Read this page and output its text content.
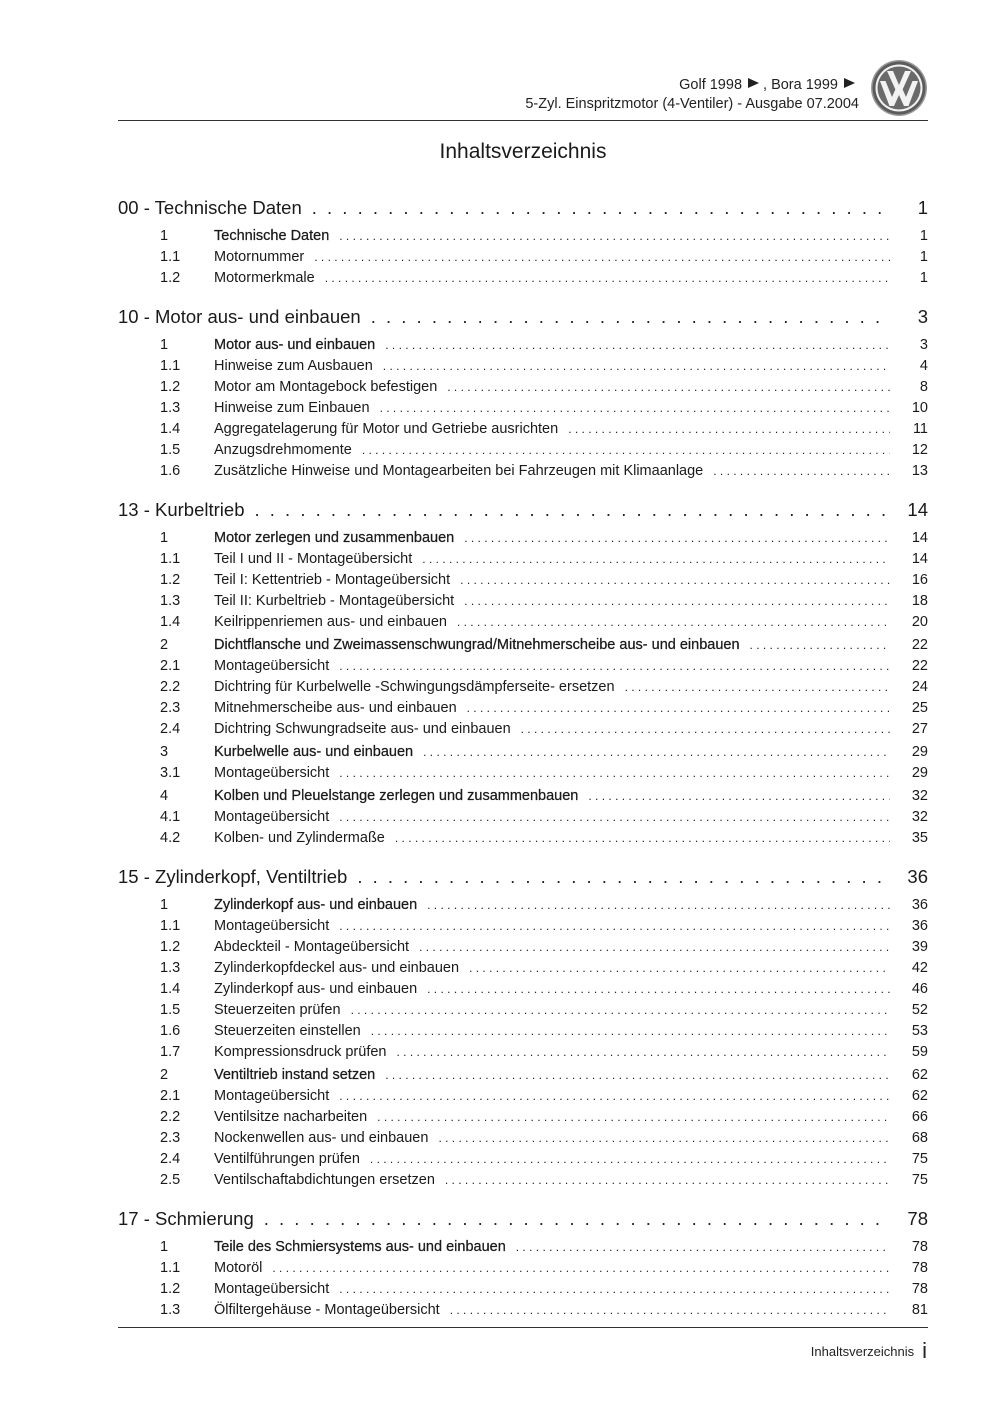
Golf 1998 , Bora 1999
5-Zyl. Einspritzmotor (4-Ventiler) - Ausgabe 07.2004
Inhaltsverzeichnis
00 - Technische Daten . . .	1
1	Technische Daten . . .	1
1.1	Motornummer . . .	1
1.2	Motormerkmale . . .	1
10 - Motor aus- und einbauen . . .	3
1	Motor aus- und einbauen . . .	3
1.1	Hinweise zum Ausbauen . . .	4
1.2	Motor am Montagebock befestigen . . .	8
1.3	Hinweise zum Einbauen . . .	10
1.4	Aggregatelagerung für Motor und Getriebe ausrichten . . .	11
1.5	Anzugsdrehmomente . . .	12
1.6	Zusätzliche Hinweise und Montagearbeiten bei Fahrzeugen mit Klimaanlage . . .	13
13 - Kurbeltrieb . . .	14
1	Motor zerlegen und zusammenbauen . . .	14
1.1	Teil I und II - Montageübersicht . . .	14
1.2	Teil I: Kettentrieb - Montageübersicht . . .	16
1.3	Teil II: Kurbeltrieb - Montageübersicht . . .	18
1.4	Keilrippenriemen aus- und einbauen . . .	20
2	Dichtflansche und Zweimassenschwungrad/Mitnehmerscheibe aus- und einbauen . . .	22
2.1	Montageübersicht . . .	22
2.2	Dichtring für Kurbelwelle -Schwingungsdämpferseite- ersetzen . . .	24
2.3	Mitnehmerscheibe aus- und einbauen . . .	25
2.4	Dichtring Schwungradseite aus- und einbauen . . .	27
3	Kurbelwelle aus- und einbauen . . .	29
3.1	Montageübersicht . . .	29
4	Kolben und Pleuelstange zerlegen und zusammenbauen . . .	32
4.1	Montageübersicht . . .	32
4.2	Kolben- und Zylindermaße . . .	35
15 - Zylinderkopf, Ventiltrieb . . .	36
1	Zylinderkopf aus- und einbauen . . .	36
1.1	Montageübersicht . . .	36
1.2	Abdeckteil - Montageübersicht . . .	39
1.3	Zylinderkopfdeckel aus- und einbauen . . .	42
1.4	Zylinderkopf aus- und einbauen . . .	46
1.5	Steuerzeiten prüfen . . .	52
1.6	Steuerzeiten einstellen . . .	53
1.7	Kompressionsdruck prüfen . . .	59
2	Ventiltrieb instand setzen . . .	62
2.1	Montageübersicht . . .	62
2.2	Ventilsitze nacharbeiten . . .	66
2.3	Nockenwellen aus- und einbauen . . .	68
2.4	Ventilführungen prüfen . . .	75
2.5	Ventilschaftabdichtungen ersetzen . . .	75
17 - Schmierung . . .	78
1	Teile des Schmiersystems aus- und einbauen . . .	78
1.1	Motoröl . . .	78
1.2	Montageübersicht . . .	78
1.3	Ölfiltergehäuse - Montageübersicht . . .	81
Inhaltsverzeichnis i
